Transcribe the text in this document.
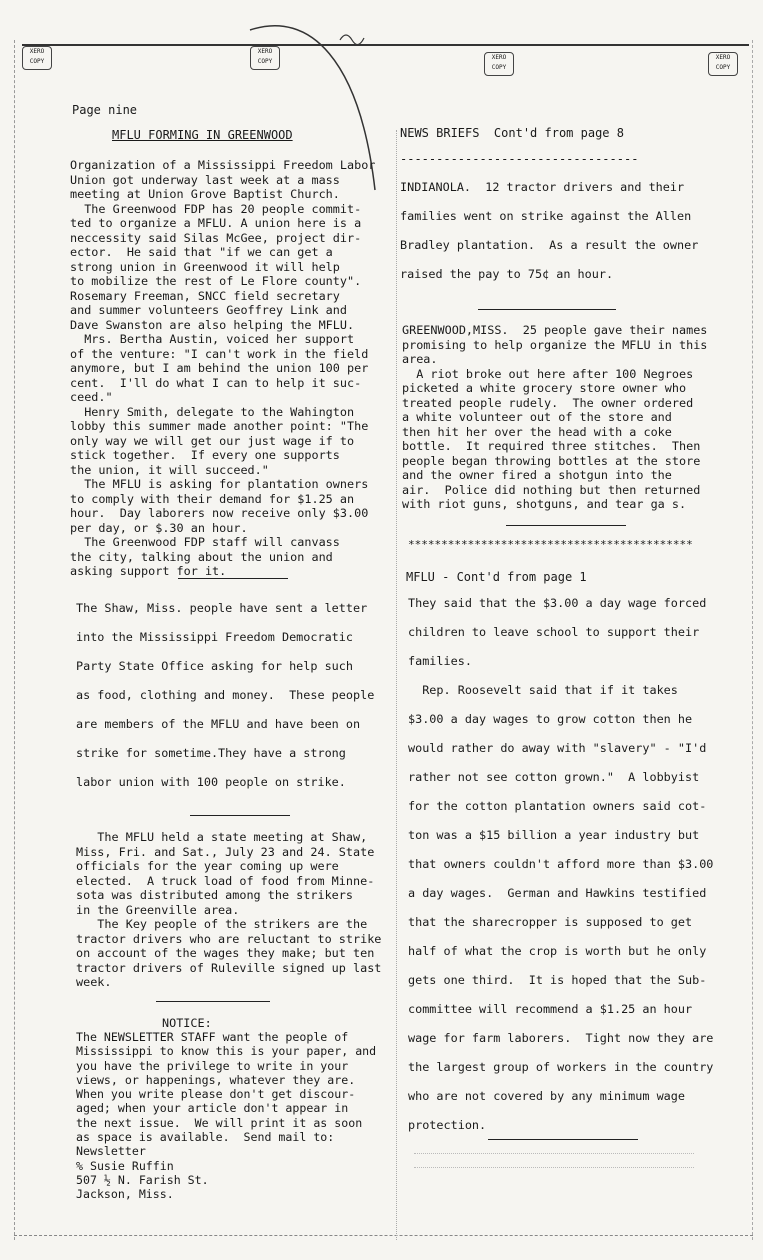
XERO COPY
XERO COPY
XERO COPY
XERO COPY
Page nine
MFLU FORMING IN GREENWOOD
Organization of a Mississippi Freedom Labor
Union got underway last week at a mass
meeting at Union Grove Baptist Church.
The Greenwood FDP has 20 people commit-
ted to organize a MFLU. A union here is a
neccessity said Silas McGee, project dir-
ector.  He said that "if we can get a
strong union in Greenwood it will help
to mobilize the rest of Le Flore county".
Rosemary Freeman, SNCC field secretary
and summer volunteers Geoffrey Link and
Dave Swanston are also helping the MFLU.
Mrs. Bertha Austin, voiced her support
of the venture: "I can't work in the field
anymore, but I am behind the union 100 per
cent.  I'll do what I can to help it suc-
ceed."
Henry Smith, delegate to the Wahington
lobby this summer made another point: "The
only way we will get our just wage if to
stick together.  If every one supports
the union, it will succeed."
The MFLU is asking for plantation owners
to comply with their demand for $1.25 an
hour.  Day laborers now receive only $3.00
per day, or $.30 an hour.
The Greenwood FDP staff will canvass
the city, talking about the union and
asking support for it.
The Shaw, Miss. people have sent a letter
into the Mississippi Freedom Democratic
Party State Office asking for help such
as food, clothing and money.  These people
are members of the MFLU and have been on
strike for sometime.They have a strong
labor union with 100 people on strike.
The MFLU held a state meeting at Shaw,
Miss, Fri. and Sat., July 23 and 24. State
officials for the year coming up were
elected.  A truck load of food from Minne-
sota was distributed among the strikers
in the Greenville area.
The Key people of the strikers are the
tractor drivers who are reluctant to strike
on account of the wages they make; but ten
tractor drivers of Ruleville signed up last
week.
NOTICE:
The NEWSLETTER STAFF want the people of
Mississippi to know this is your paper, and
you have the privilege to write in your
views, or happenings, whatever they are.
When you write please don't get discour-
aged; when your article don't appear in
the next issue.  We will print it as soon
as space is available.  Send mail to:
Newsletter
% Susie Ruffin
507 ½ N. Farish St.
Jackson, Miss.
NEWS BRIEFS  Cont'd from page 8
---------------------------------
INDIANOLA.  12 tractor drivers and their
families went on strike against the Allen
Bradley plantation.  As a result the owner
raised the pay to 75¢ an hour.
GREENWOOD,MISS.  25 people gave their names
promising to help organize the MFLU in this
area.
A riot broke out here after 100 Negroes
picketed a white grocery store owner who
treated people rudely.  The owner ordered
a white volunteer out of the store and
then hit her over the head with a coke
bottle.  It required three stitches.  Then
people began throwing bottles at the store
and the owner fired a shotgun into the
air.  Police did nothing but then returned
with riot guns, shotguns, and tear ga s.
*******************************************
MFLU - Cont'd from page 1
They said that the $3.00 a day wage forced
children to leave school to support their
families.
Rep. Roosevelt said that if it takes
$3.00 a day wages to grow cotton then he
would rather do away with "slavery" - "I'd
rather not see cotton grown."  A lobbyist
for the cotton plantation owners said cot-
ton was a $15 billion a year industry but
that owners couldn't afford more than $3.00
a day wages.  German and Hawkins testified
that the sharecropper is supposed to get
half of what the crop is worth but he only
gets one third.  It is hoped that the Sub-
committee will recommend a $1.25 an hour
wage for farm laborers.  Tight now they are
the largest group of workers in the country
who are not covered by any minimum wage
protection.
